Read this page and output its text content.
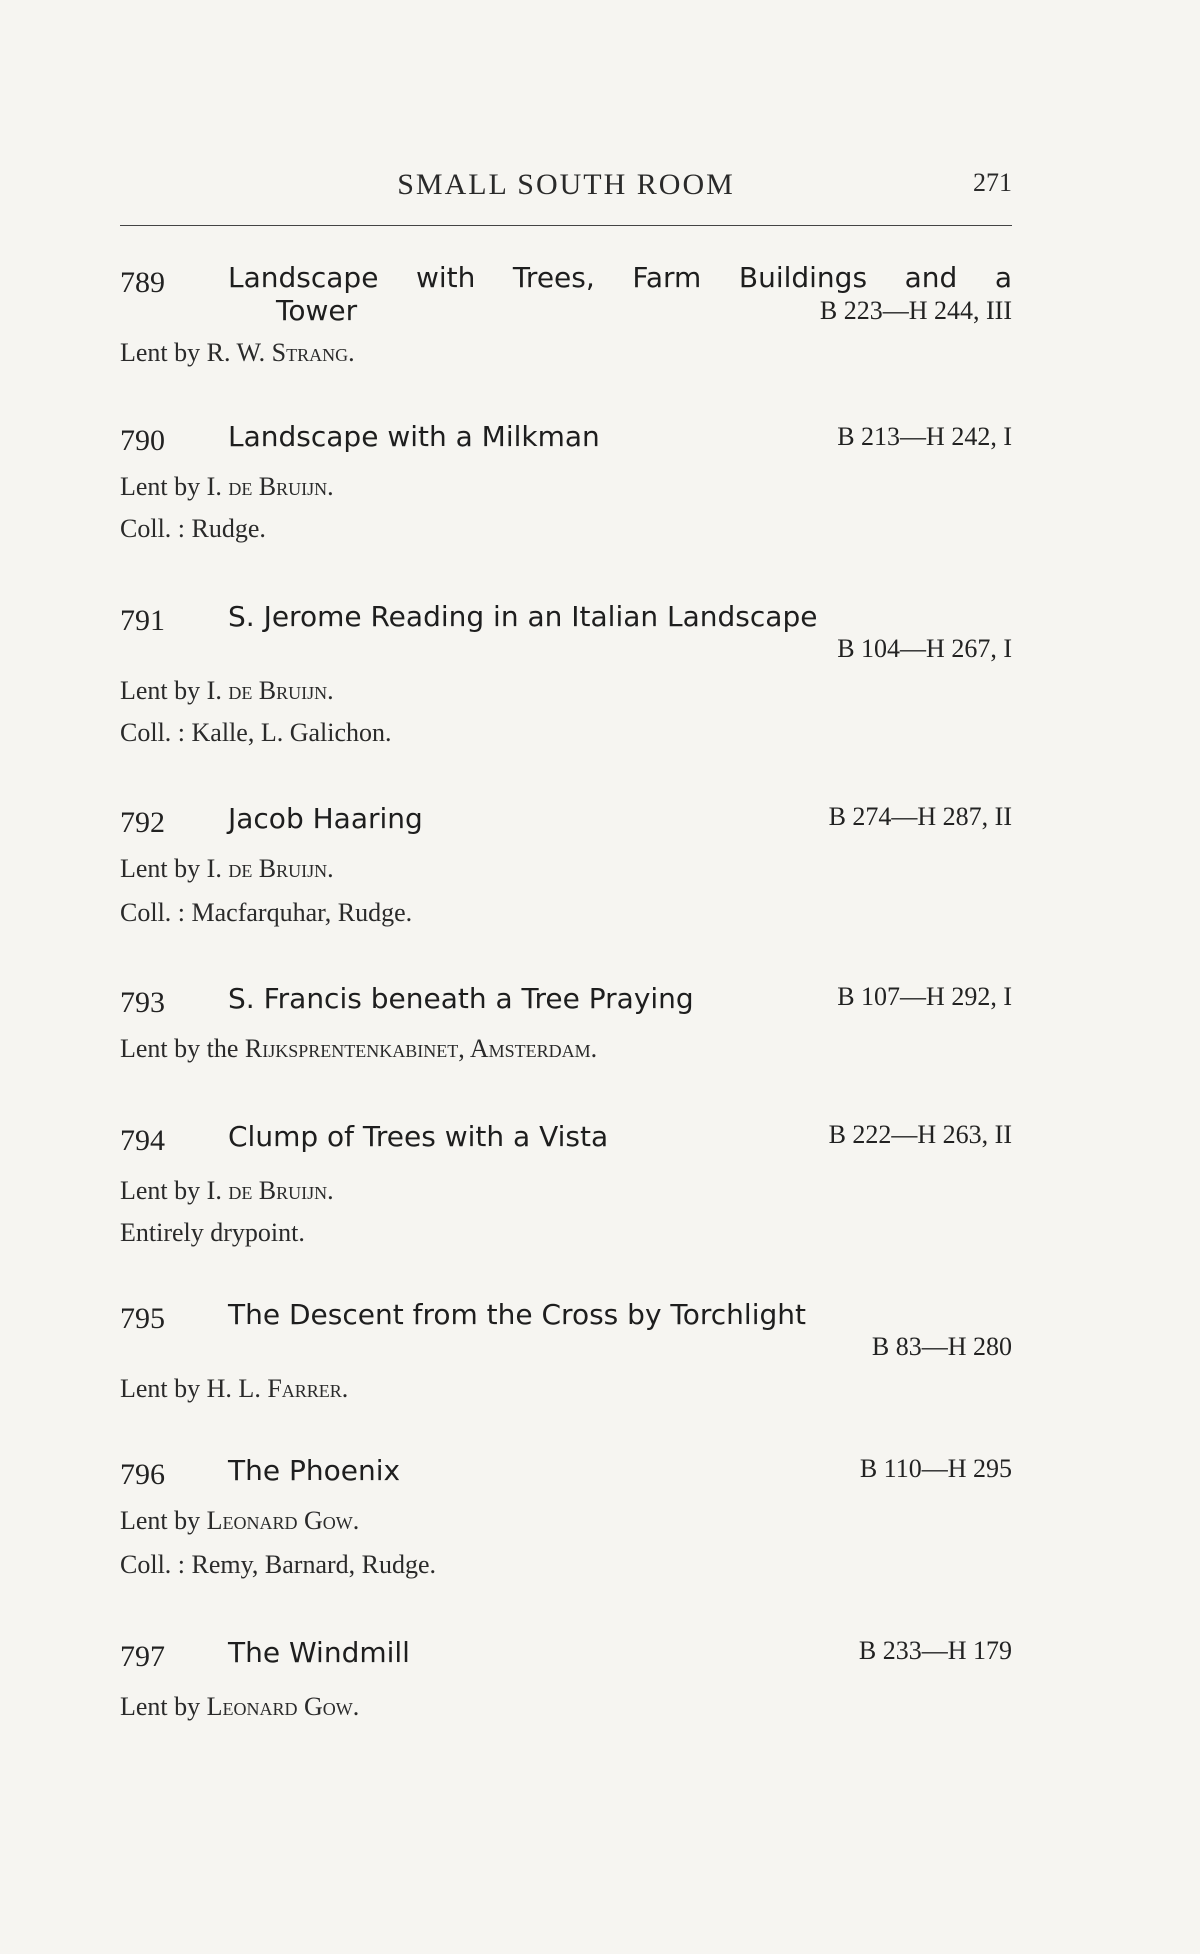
SMALL SOUTH ROOM	271
789 Landscape with Trees, Farm Buildings and a
Tower	B 223—H 244, III
Lent by R. W. Strang.
790 Landscape with a Milkman	B 213—H 242, I
Lent by I. de Bruijn.
Coll. : Rudge.
791 S. Jerome Reading in an Italian Landscape
B 104—H 267, I
Lent by I. de Bruijn.
Coll. : Kalle, L. Galichon.
792 Jacob Haaring	B 274—H 287, II
Lent by I. de Bruijn.
Coll. : Macfarquhar, Rudge.
793 S. Francis beneath a Tree Praying	B 107—H 292, I
Lent by the Rijksprentenkabinet, Amsterdam.
794 Clump of Trees with a Vista	B 222—H 263, II
Lent by I. de Bruijn.
Entirely drypoint.
795 The Descent from the Cross by Torchlight
B 83—H 280
Lent by H. L. Farrer.
796 The Phoenix	B 110—H 295
Lent by Leonard Gow.
Coll. : Remy, Barnard, Rudge.
797 The Windmill	B 233—H 179
Lent by Leonard Gow.
